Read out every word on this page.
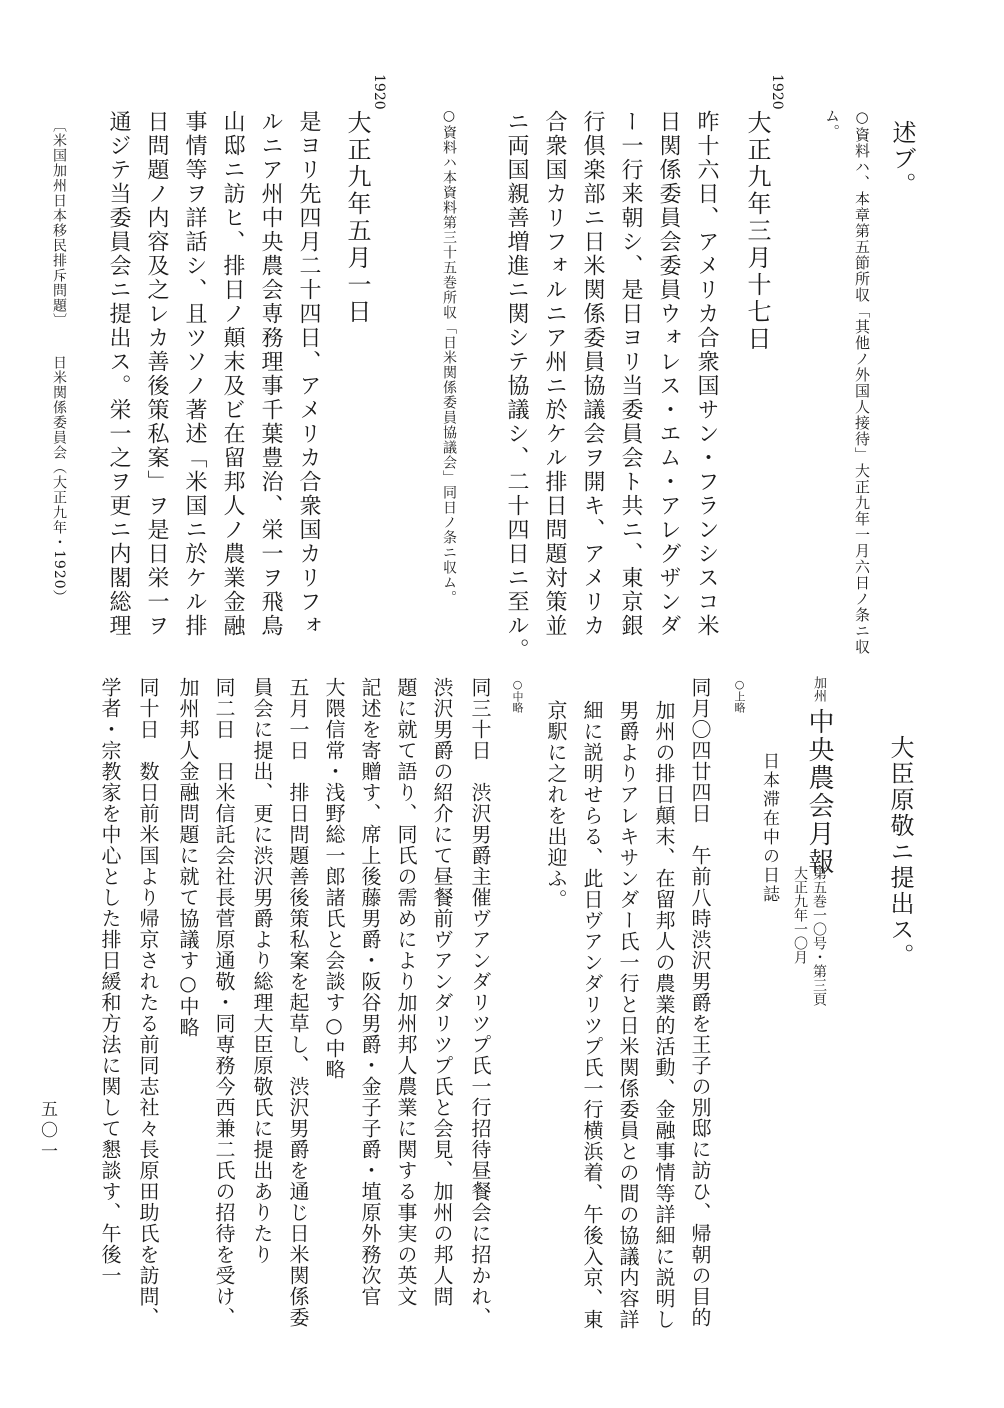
述ブ。
○資料ハ、本章第五節所収「其他ノ外国人接待」大正九年一月六日ノ条ニ収
ム。
1920
大正九年三月十七日
昨十六日、アメリカ合衆国サン・フランシスコ米
日関係委員会委員ウォレス・エム・アレグザンダ
ー一行来朝シ、是日ヨリ当委員会ト共ニ、東京銀
行倶楽部ニ日米関係委員協議会ヲ開キ、アメリカ
合衆国カリフォルニア州ニ於ケル排日問題対策並
ニ両国親善増進ニ関シテ協議シ、二十四日ニ至ル。
○資料ハ本資料第三十五巻所収「日米関係委員協議会」同日ノ条ニ収ム。
1920
大正九年五月一日
是ヨリ先四月二十四日、アメリカ合衆国カリフォ
ルニア州中央農会専務理事千葉豊治、栄一ヲ飛鳥
山邸ニ訪ヒ、排日ノ顛末及ビ在留邦人ノ農業金融
事情等ヲ詳話シ、且ツソノ著述「米国ニ於ケル排
日問題ノ内容及之レカ善後策私案」ヲ是日栄一ヲ
通ジテ当委員会ニ提出ス。栄一之ヲ更ニ内閣総理
〔米国加州日本移民排斥問題〕
日米関係委員会（大正九年・1920）
大臣原敬ニ提出ス。
加州
中央農会月報
第五巻一〇号・第三頁
大正九年一〇月
日本滞在中の日誌
○上略
同月〇四廿四日　午前八時渋沢男爵を王子の別邸に訪ひ、帰朝の目的
加州の排日顛末、在留邦人の農業的活動、金融事情等詳細に説明し
男爵よりアレキサンダー氏一行と日米関係委員との間の協議内容詳
細に説明せらる、此日ヴアンダリツプ氏一行横浜着、午後入京、東
京駅に之れを出迎ふ。
○中略
同三十日　渋沢男爵主催ヴアンダリツプ氏一行招待昼餐会に招かれ、
渋沢男爵の紹介にて昼餐前ヴアンダリツプ氏と会見、加州の邦人問
題に就て語り、同氏の需めにより加州邦人農業に関する事実の英文
記述を寄贈す、席上後藤男爵・阪谷男爵・金子子爵・埴原外務次官
大隈信常・浅野総一郎諸氏と会談す○中略
五月一日　排日問題善後策私案を起草し、渋沢男爵を通じ日米関係委
員会に提出、更に渋沢男爵より総理大臣原敬氏に提出ありたり
同二日　日米信託会社長菅原通敬・同専務今西兼二氏の招待を受け、
加州邦人金融問題に就て協議す○中略
同十日　数日前米国より帰京されたる前同志社々長原田助氏を訪問、
学者・宗教家を中心とした排日緩和方法に関して懇談す、午後一
五〇一
